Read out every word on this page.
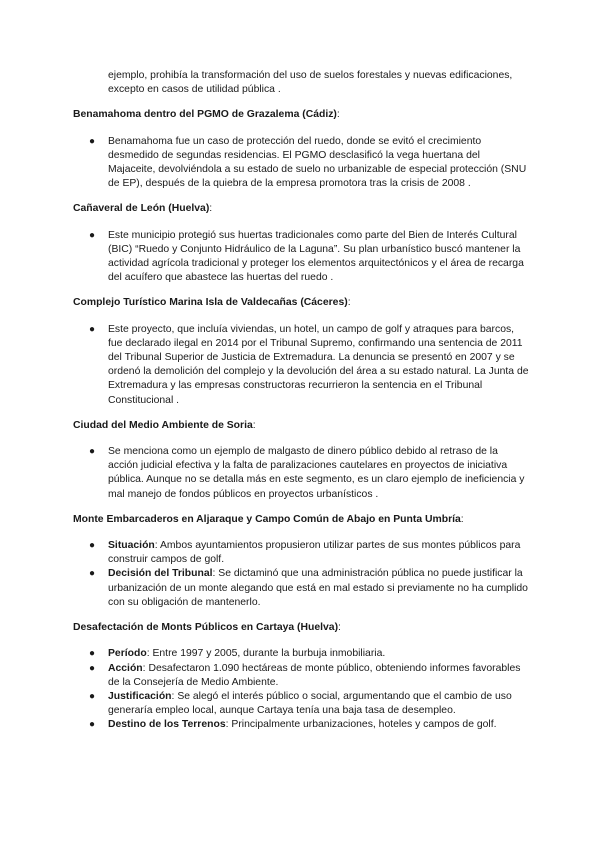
ejemplo, prohibía la transformación del uso de suelos forestales y nuevas edificaciones, excepto en casos de utilidad pública .

Benamahoma dentro del PGMO de Grazalema (Cádiz):
● Benamahoma fue un caso de protección del ruedo, donde se evitó el crecimiento desmedido de segundas residencias. El PGMO desclasificó la vega huertana del Majaceite, devolviéndola a su estado de suelo no urbanizable de especial protección (SNU de EP), después de la quiebra de la empresa promotora tras la crisis de 2008 .
Cañaveral de León (Huelva):
● Este municipio protegió sus huertas tradicionales como parte del Bien de Interés Cultural (BIC) “Ruedo y Conjunto Hidráulico de la Laguna”. Su plan urbanístico buscó mantener la actividad agrícola tradicional y proteger los elementos arquitectónicos y el área de recarga del acuífero que abastece las huertas del ruedo .
Complejo Turístico Marina Isla de Valdecañas (Cáceres):
● Este proyecto, que incluía viviendas, un hotel, un campo de golf y atraques para barcos, fue declarado ilegal en 2014 por el Tribunal Supremo, confirmando una sentencia de 2011 del Tribunal Superior de Justicia de Extremadura. La denuncia se presentó en 2007 y se ordenó la demolición del complejo y la devolución del área a su estado natural. La Junta de Extremadura y las empresas constructoras recurrieron la sentencia en el Tribunal Constitucional .
Ciudad del Medio Ambiente de Soria:
● Se menciona como un ejemplo de malgasto de dinero público debido al retraso de la acción judicial efectiva y la falta de paralizaciones cautelares en proyectos de iniciativa pública. Aunque no se detalla más en este segmento, es un claro ejemplo de ineficiencia y mal manejo de fondos públicos en proyectos urbanísticos .
Monte Embarcaderos en Aljaraque y Campo Común de Abajo en Punta Umbría:
● Situación: Ambos ayuntamientos propusieron utilizar partes de sus montes públicos para construir campos de golf.
● Decisión del Tribunal: Se dictaminó que una administración pública no puede justificar la urbanización de un monte alegando que está en mal estado si previamente no ha cumplido con su obligación de mantenerlo.
Desafectación de Monts Públicos en Cartaya (Huelva):
● Período: Entre 1997 y 2005, durante la burbuja inmobiliaria.
● Acción: Desafectaron 1.090 hectáreas de monte público, obteniendo informes favorables de la Consejería de Medio Ambiente.
● Justificación: Se alegó el interés público o social, argumentando que el cambio de uso generaría empleo local, aunque Cartaya tenía una baja tasa de desempleo.
● Destino de los Terrenos: Principalmente urbanizaciones, hoteles y campos de golf.
